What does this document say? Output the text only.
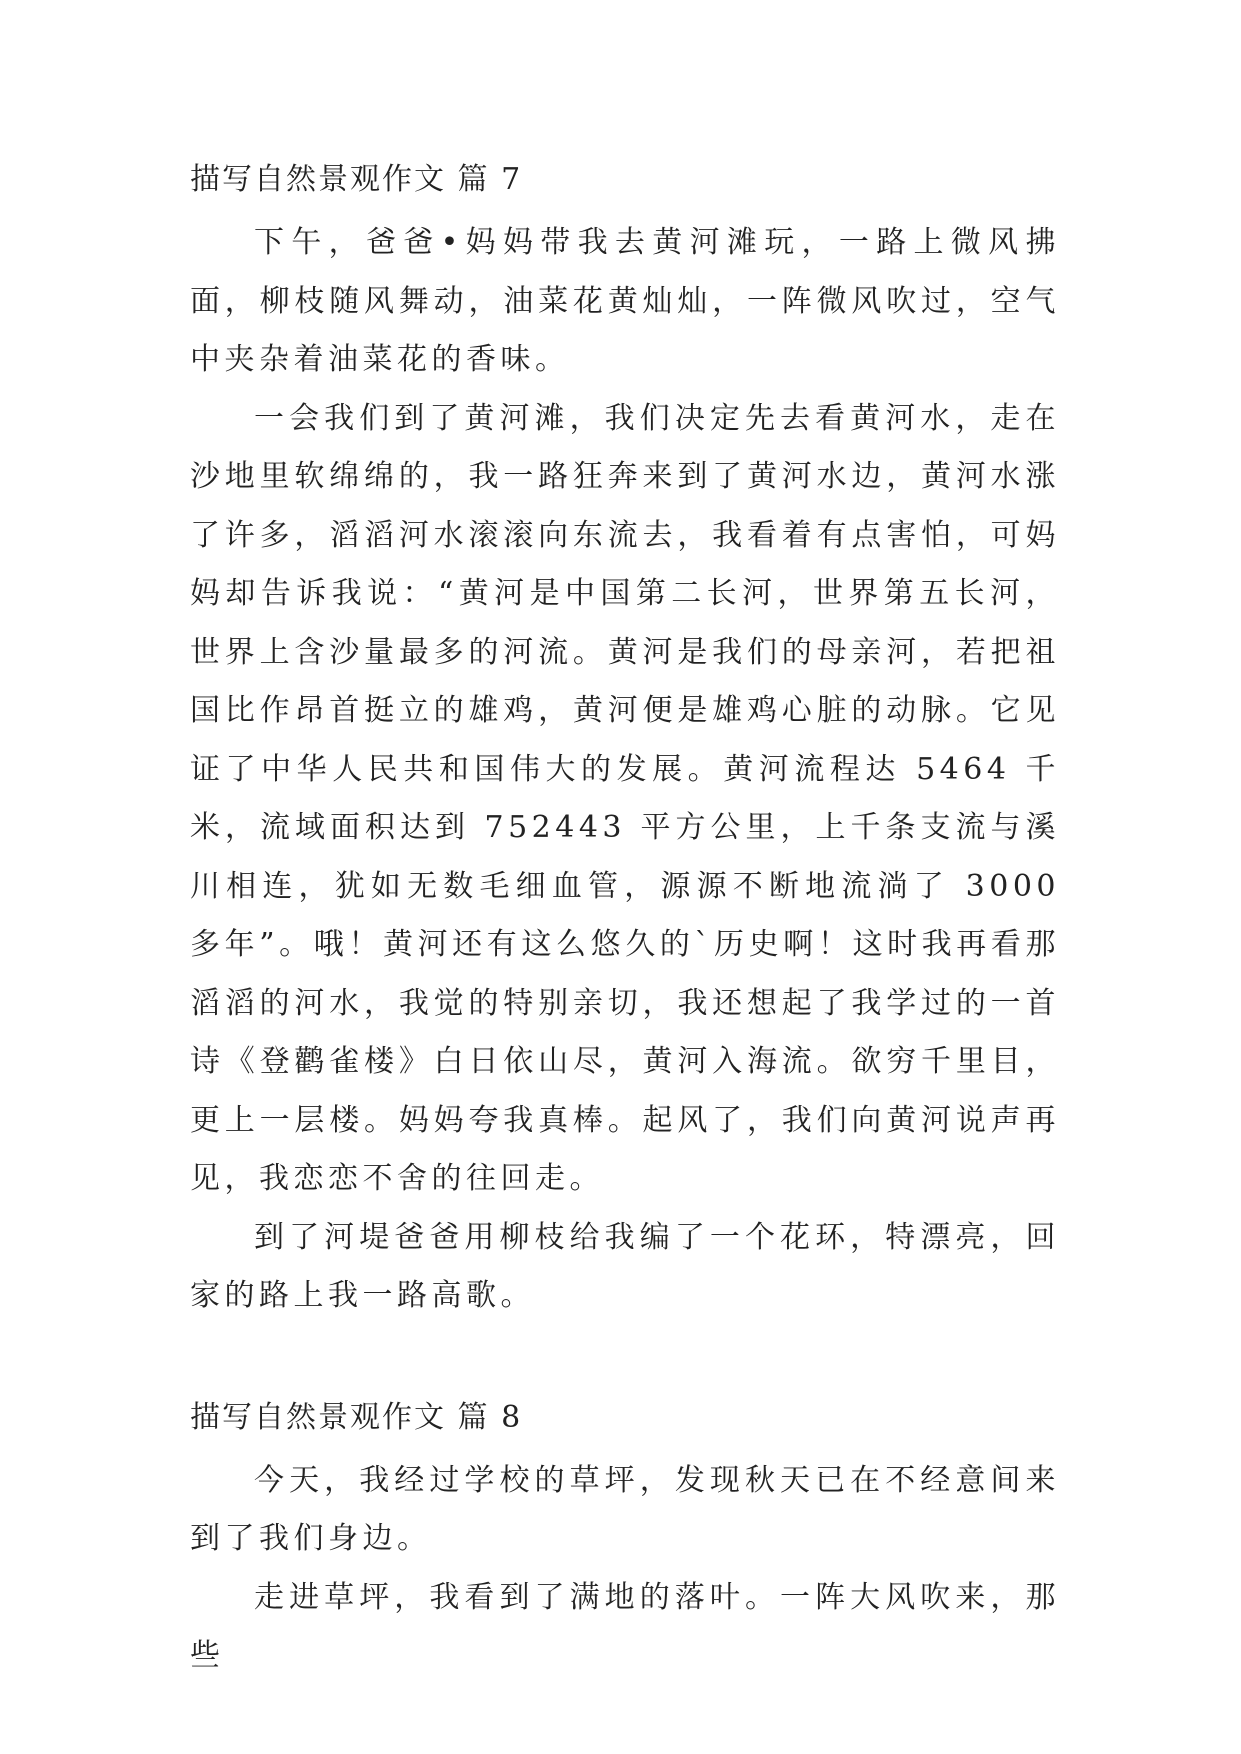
描写自然景观作文 篇 7

下午，爸爸•妈妈带我去黄河滩玩，一路上微风拂面，柳枝随风舞动，油菜花黄灿灿，一阵微风吹过，空气中夹杂着油菜花的香味。

一会我们到了黄河滩，我们决定先去看黄河水，走在沙地里软绵绵的，我一路狂奔来到了黄河水边，黄河水涨了许多，滔滔河水滚滚向东流去，我看着有点害怕，可妈妈却告诉我说：“黄河是中国第二长河，世界第五长河，世界上含沙量最多的河流。黄河是我们的母亲河，若把祖国比作昂首挺立的雄鸡，黄河便是雄鸡心脏的动脉。它见证了中华人民共和国伟大的发展。黄河流程达 5464 千米，流域面积达到 752443 平方公里，上千条支流与溪川相连，犹如无数毛细血管，源源不断地流淌了 3000 多年”。哦！黄河还有这么悠久的`历史啊！这时我再看那滔滔的河水，我觉的特别亲切，我还想起了我学过的一首诗《登鹳雀楼》白日依山尽，黄河入海流。欲穷千里目，更上一层楼。妈妈夸我真棒。起风了，我们向黄河说声再见，我恋恋不舍的往回走。

到了河堤爸爸用柳枝给我编了一个花环，特漂亮，回家的路上我一路高歌。

描写自然景观作文 篇 8

今天，我经过学校的草坪，发现秋天已在不经意间来到了我们身边。

走进草坪，我看到了满地的落叶。一阵大风吹来，那些
